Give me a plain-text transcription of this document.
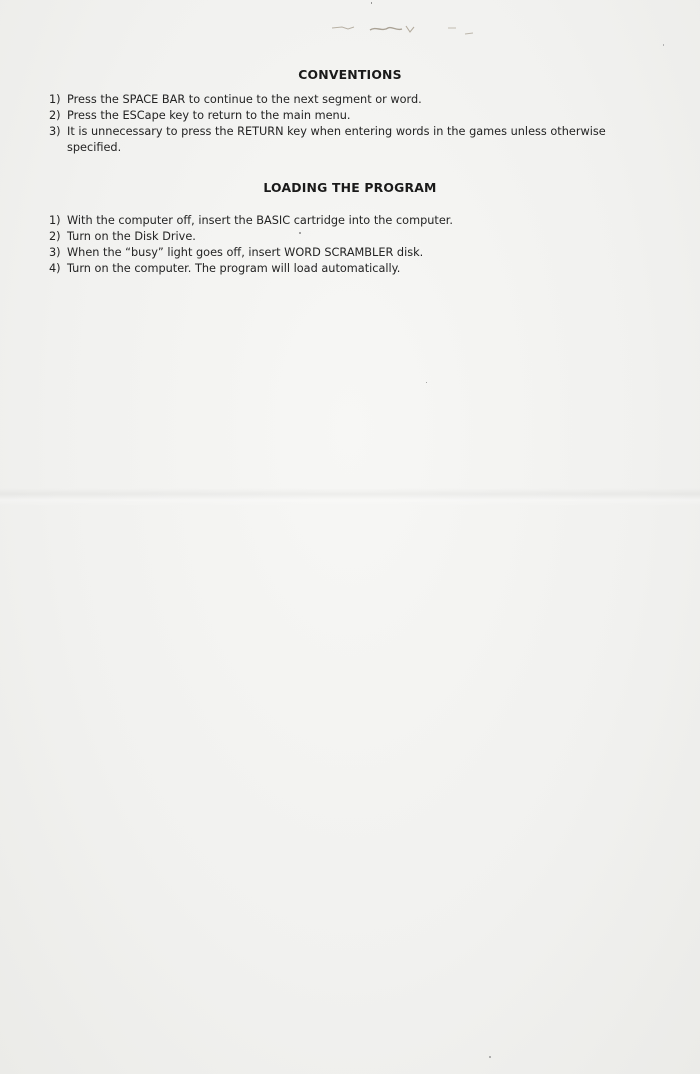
CONVENTIONS
1) Press the SPACE BAR to continue to the next segment or word.
2) Press the ESCape key to return to the main menu.
3) It is unnecessary to press the RETURN key when entering words in the games unless otherwise specified.
LOADING THE PROGRAM
1) With the computer off, insert the BASIC cartridge into the computer.
2) Turn on the Disk Drive.
3) When the “busy” light goes off, insert WORD SCRAMBLER disk.
4) Turn on the computer. The program will load automatically.
